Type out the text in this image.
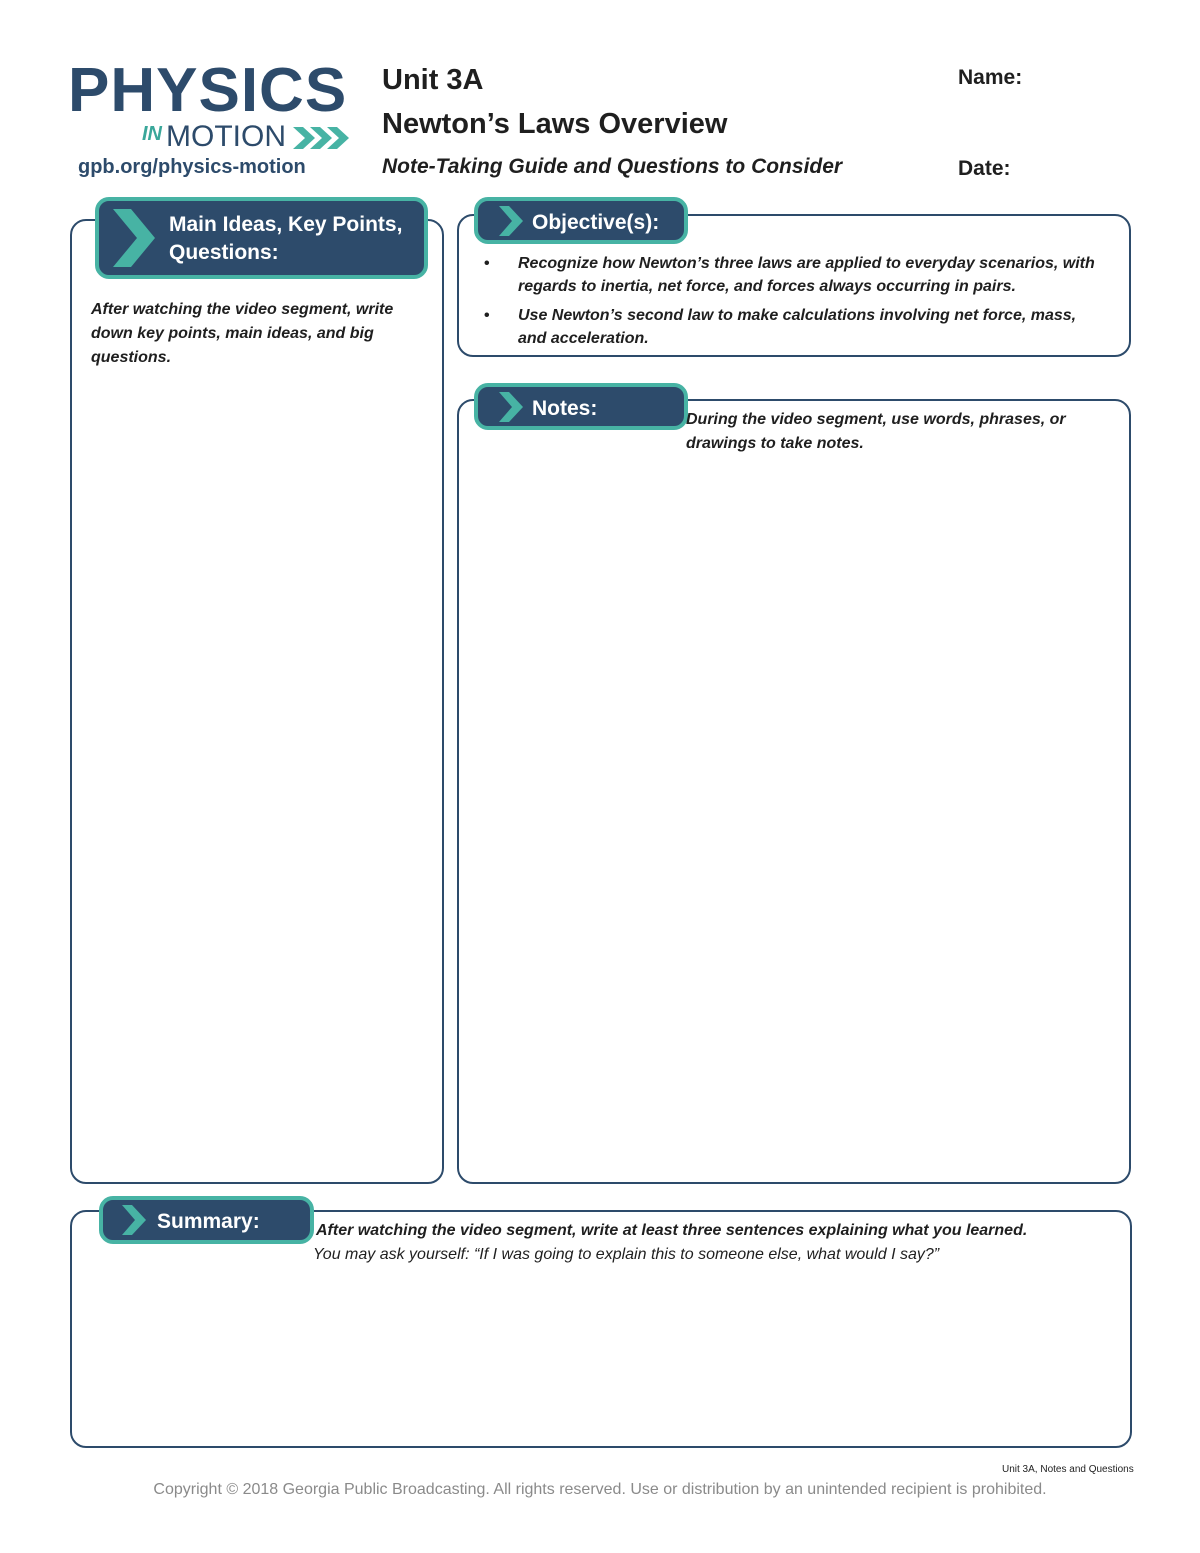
PHYSICS
IN MOTION
gpb.org/physics-motion
Unit 3A
Newton’s Laws Overview
Note-Taking Guide and Questions to Consider
Name:
Date:
Main Ideas, Key Points,
Questions:
After watching the video segment, write down key points, main ideas, and big questions.
Objective(s):
• Recognize how Newton’s three laws are applied to everyday scenarios, with regards to inertia, net force, and forces always occurring in pairs.
• Use Newton’s second law to make calculations involving net force, mass, and acceleration.
Notes:	During the video segment, use words, phrases, or drawings to take notes.
Summary:	After watching the video segment, write at least three sentences explaining what you learned.
You may ask yourself: “If I was going to explain this to someone else, what would I say?”
Unit 3A, Notes and Questions
Copyright © 2018 Georgia Public Broadcasting. All rights reserved. Use or distribution by an unintended recipient is prohibited.
